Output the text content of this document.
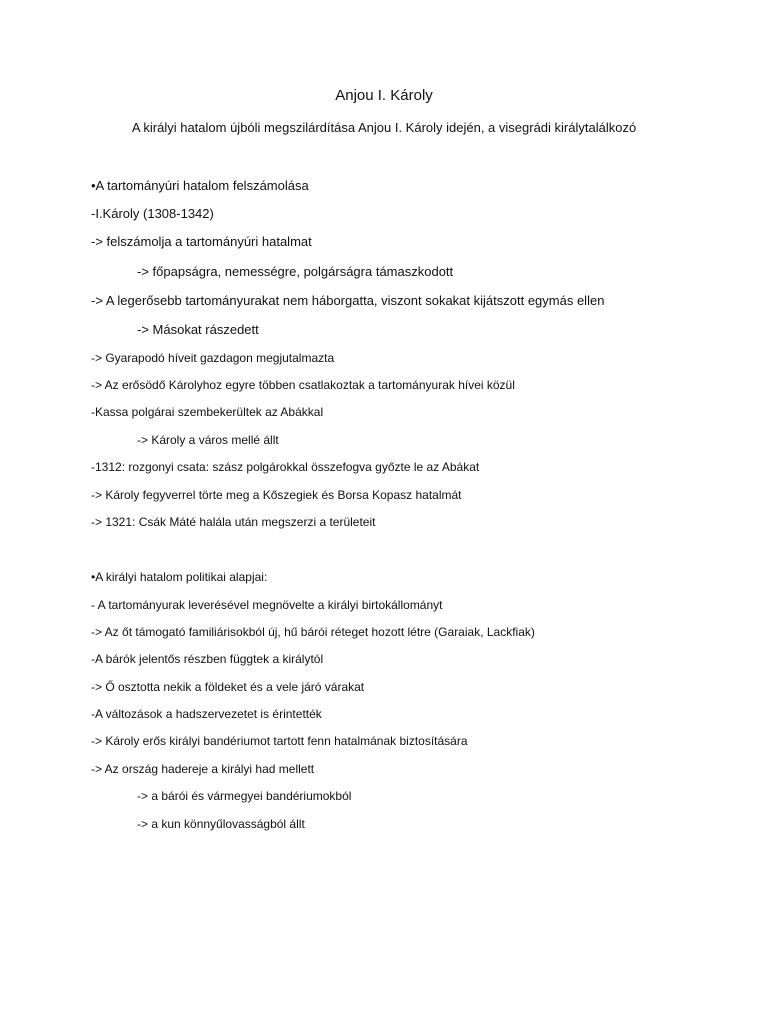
Anjou I. Károly
A királyi hatalom újbóli megszilárdítása Anjou I. Károly idején, a visegrádi királytalálkozó
•A tartományúri hatalom felszámolása
-I.Károly (1308-1342)
-> felszámolja a tartományúri hatalmat
-> főpapságra, nemességre, polgárságra támaszkodott
-> A legerősebb tartományurakat nem háborgatta, viszont sokakat kijátszott egymás ellen
-> Másokat rászedett
-> Gyarapodó híveit gazdagon megjutalmazta
-> Az erősödő Károlyhoz egyre többen csatlakoztak a tartományurak hívei közül
-Kassa polgárai szembekerültek az Abákkal
-> Károly a város mellé állt
-1312: rozgonyi csata: szász polgárokkal összefogva győzte le az Abákat
-> Károly fegyverrel törte meg a Kőszegiek és Borsa Kopasz hatalmát
-> 1321: Csák Máté halála után megszerzi a területeit
•A királyi hatalom politikai alapjai:
- A tartományurak leverésével megnövelte a királyi birtokállományt
-> Az őt támogató familiárisokból új, hű bárói réteget hozott létre (Garaiak, Lackfiak)
-A bárók jelentős részben függtek a királytól
-> Ő osztotta nekik a földeket és a vele járó várakat
-A változások a hadszervezetet is érintették
-> Károly erős királyi bandériumot tartott fenn hatalmának biztosítására
-> Az ország hadereje a királyi had mellett
-> a bárói és vármegyei bandériumokból
-> a kun könnyűlovasságból állt
